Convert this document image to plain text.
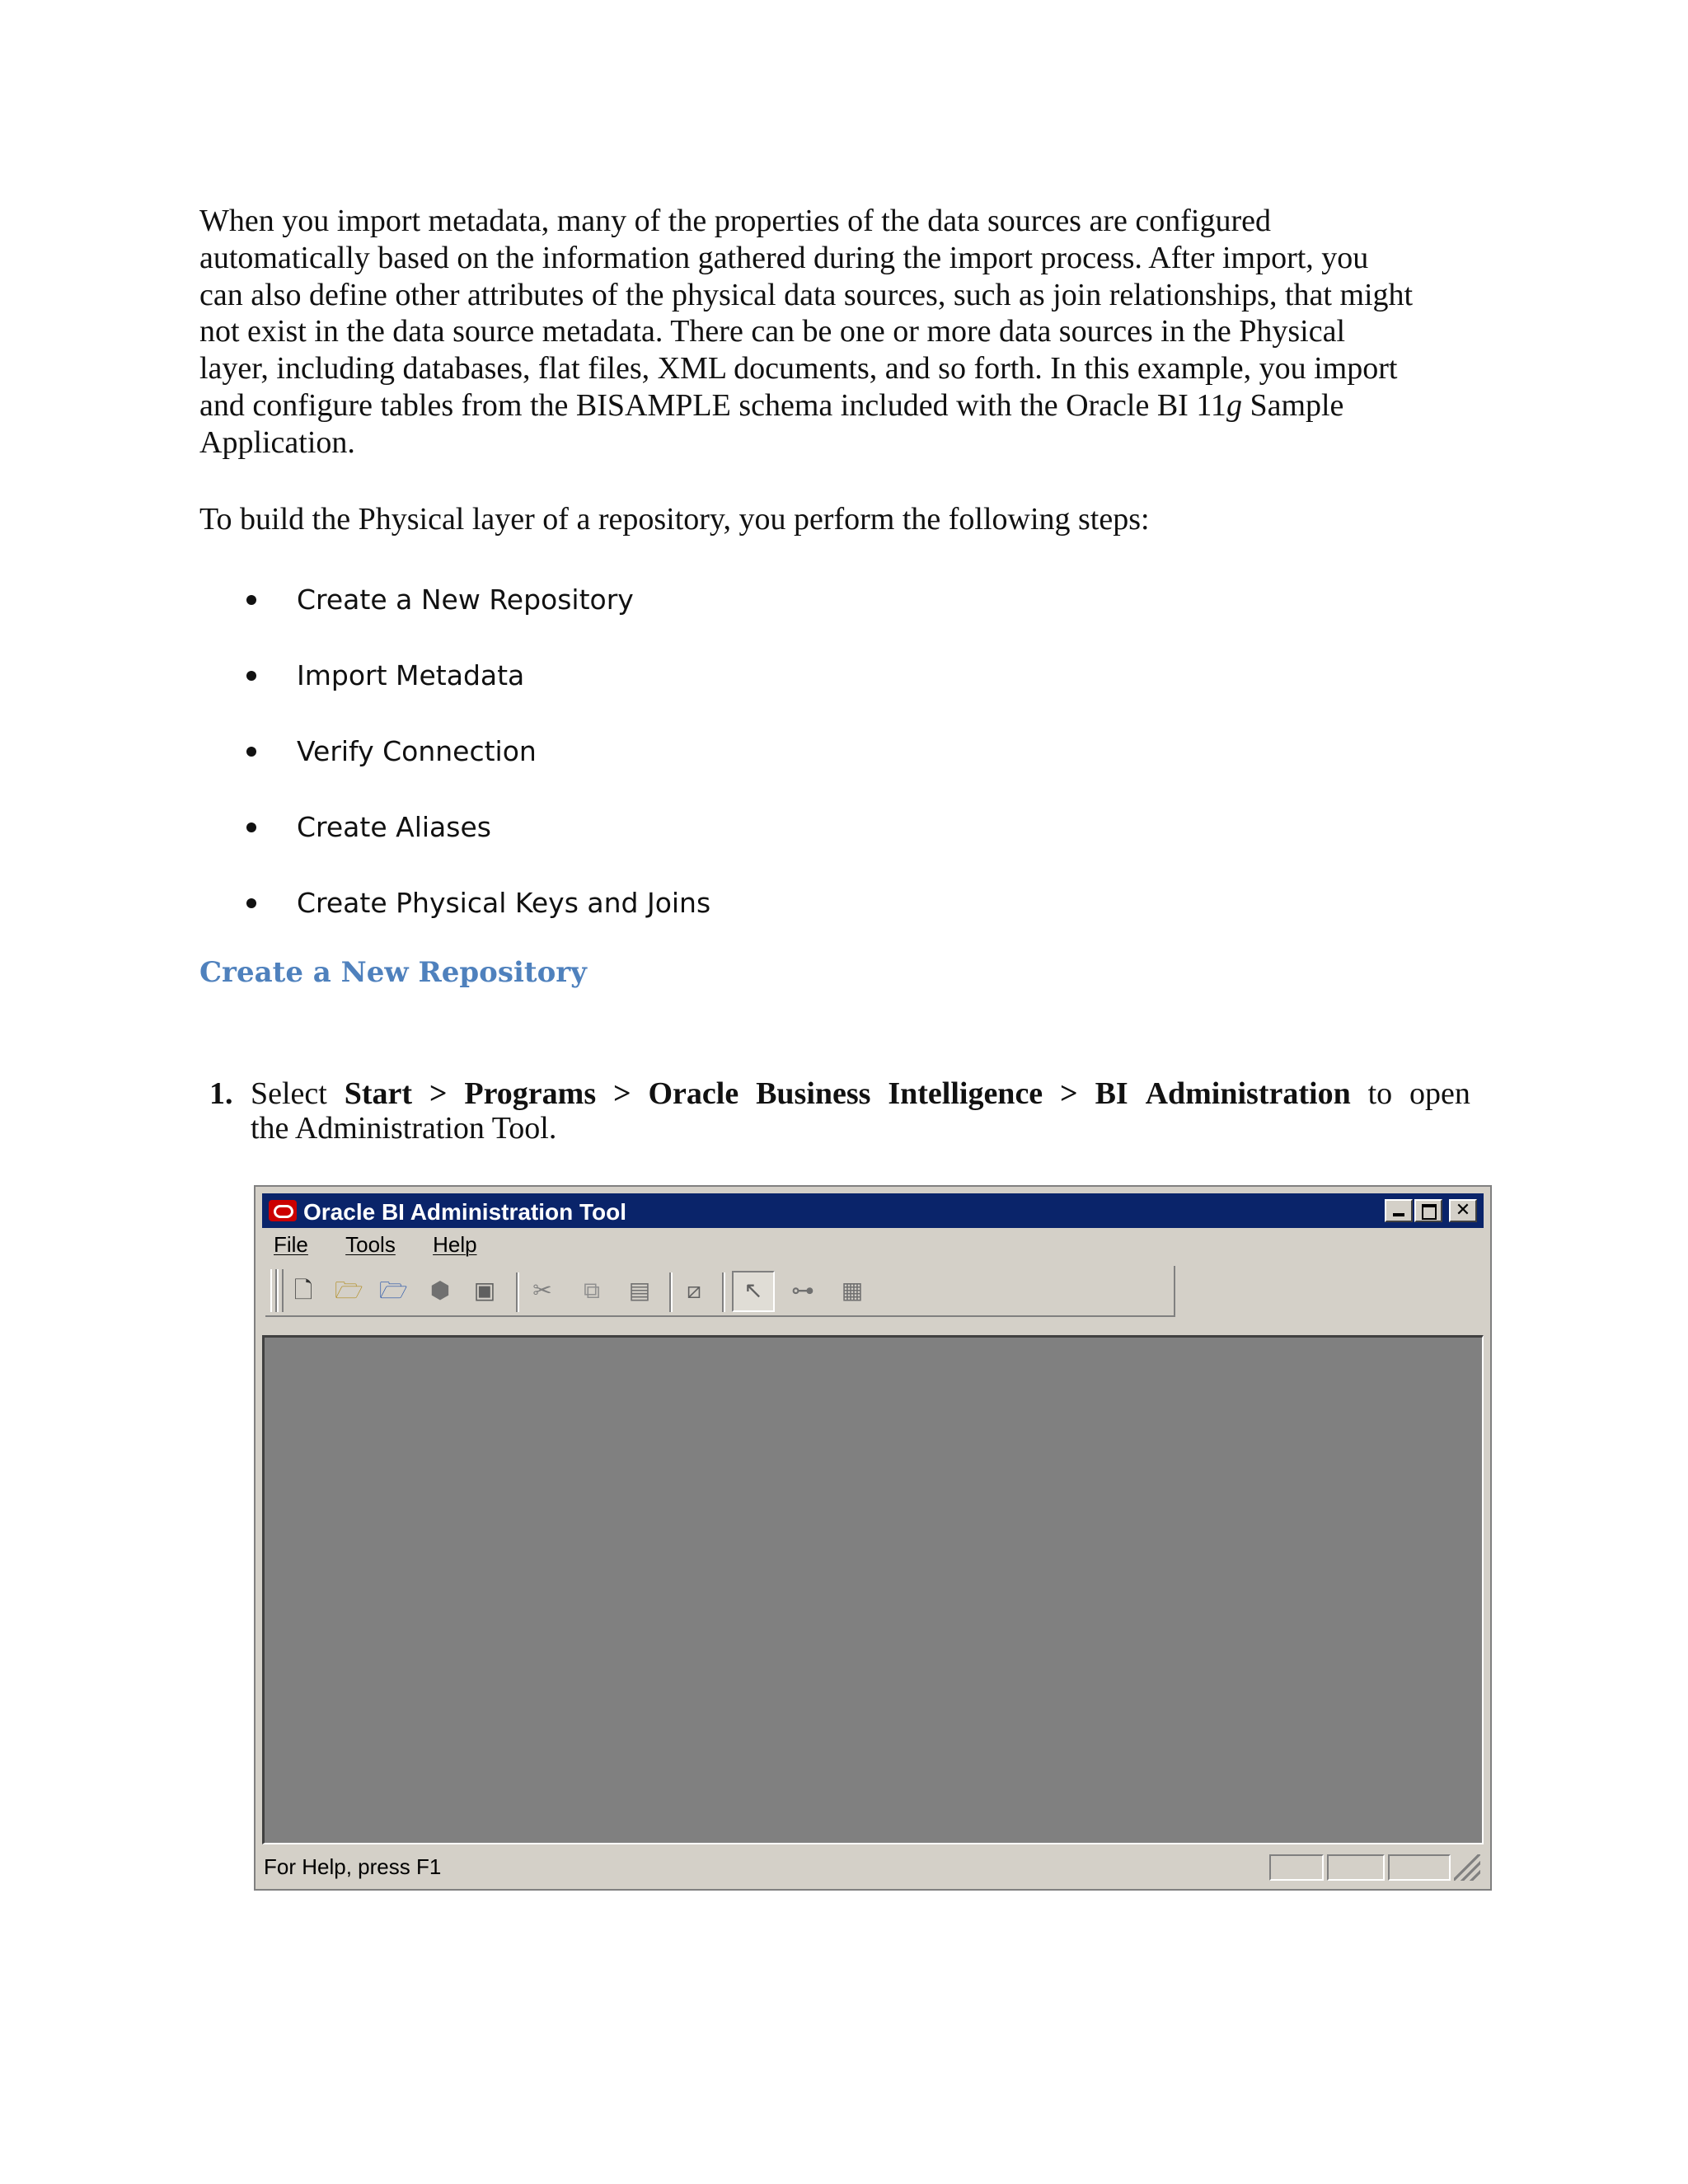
When you import metadata, many of the properties of the data sources are configured
automatically based on the information gathered during the import process. After import, you
can also define other attributes of the physical data sources, such as join relationships, that might
not exist in the data source metadata. There can be one or more data sources in the Physical
layer, including databases, flat files, XML documents, and so forth. In this example, you import
and configure tables from the BISAMPLE schema included with the Oracle BI 11g Sample
Application.

To build the Physical layer of a repository, you perform the following steps:

Create a New Repository
Import Metadata
Verify Connection
Create Aliases
Create Physical Keys and Joins
Create a New Repository
1. Select Start > Programs > Oracle Business Intelligence > BI Administration to open
the Administration Tool.
Oracle BI Administration Tool	✕
File Tools Help
🗋 🗁 🗁 ⬢ ▣ ✂ ⧉ ▤ ⧄ ↖ ⊶ ▦
For Help, press F1
